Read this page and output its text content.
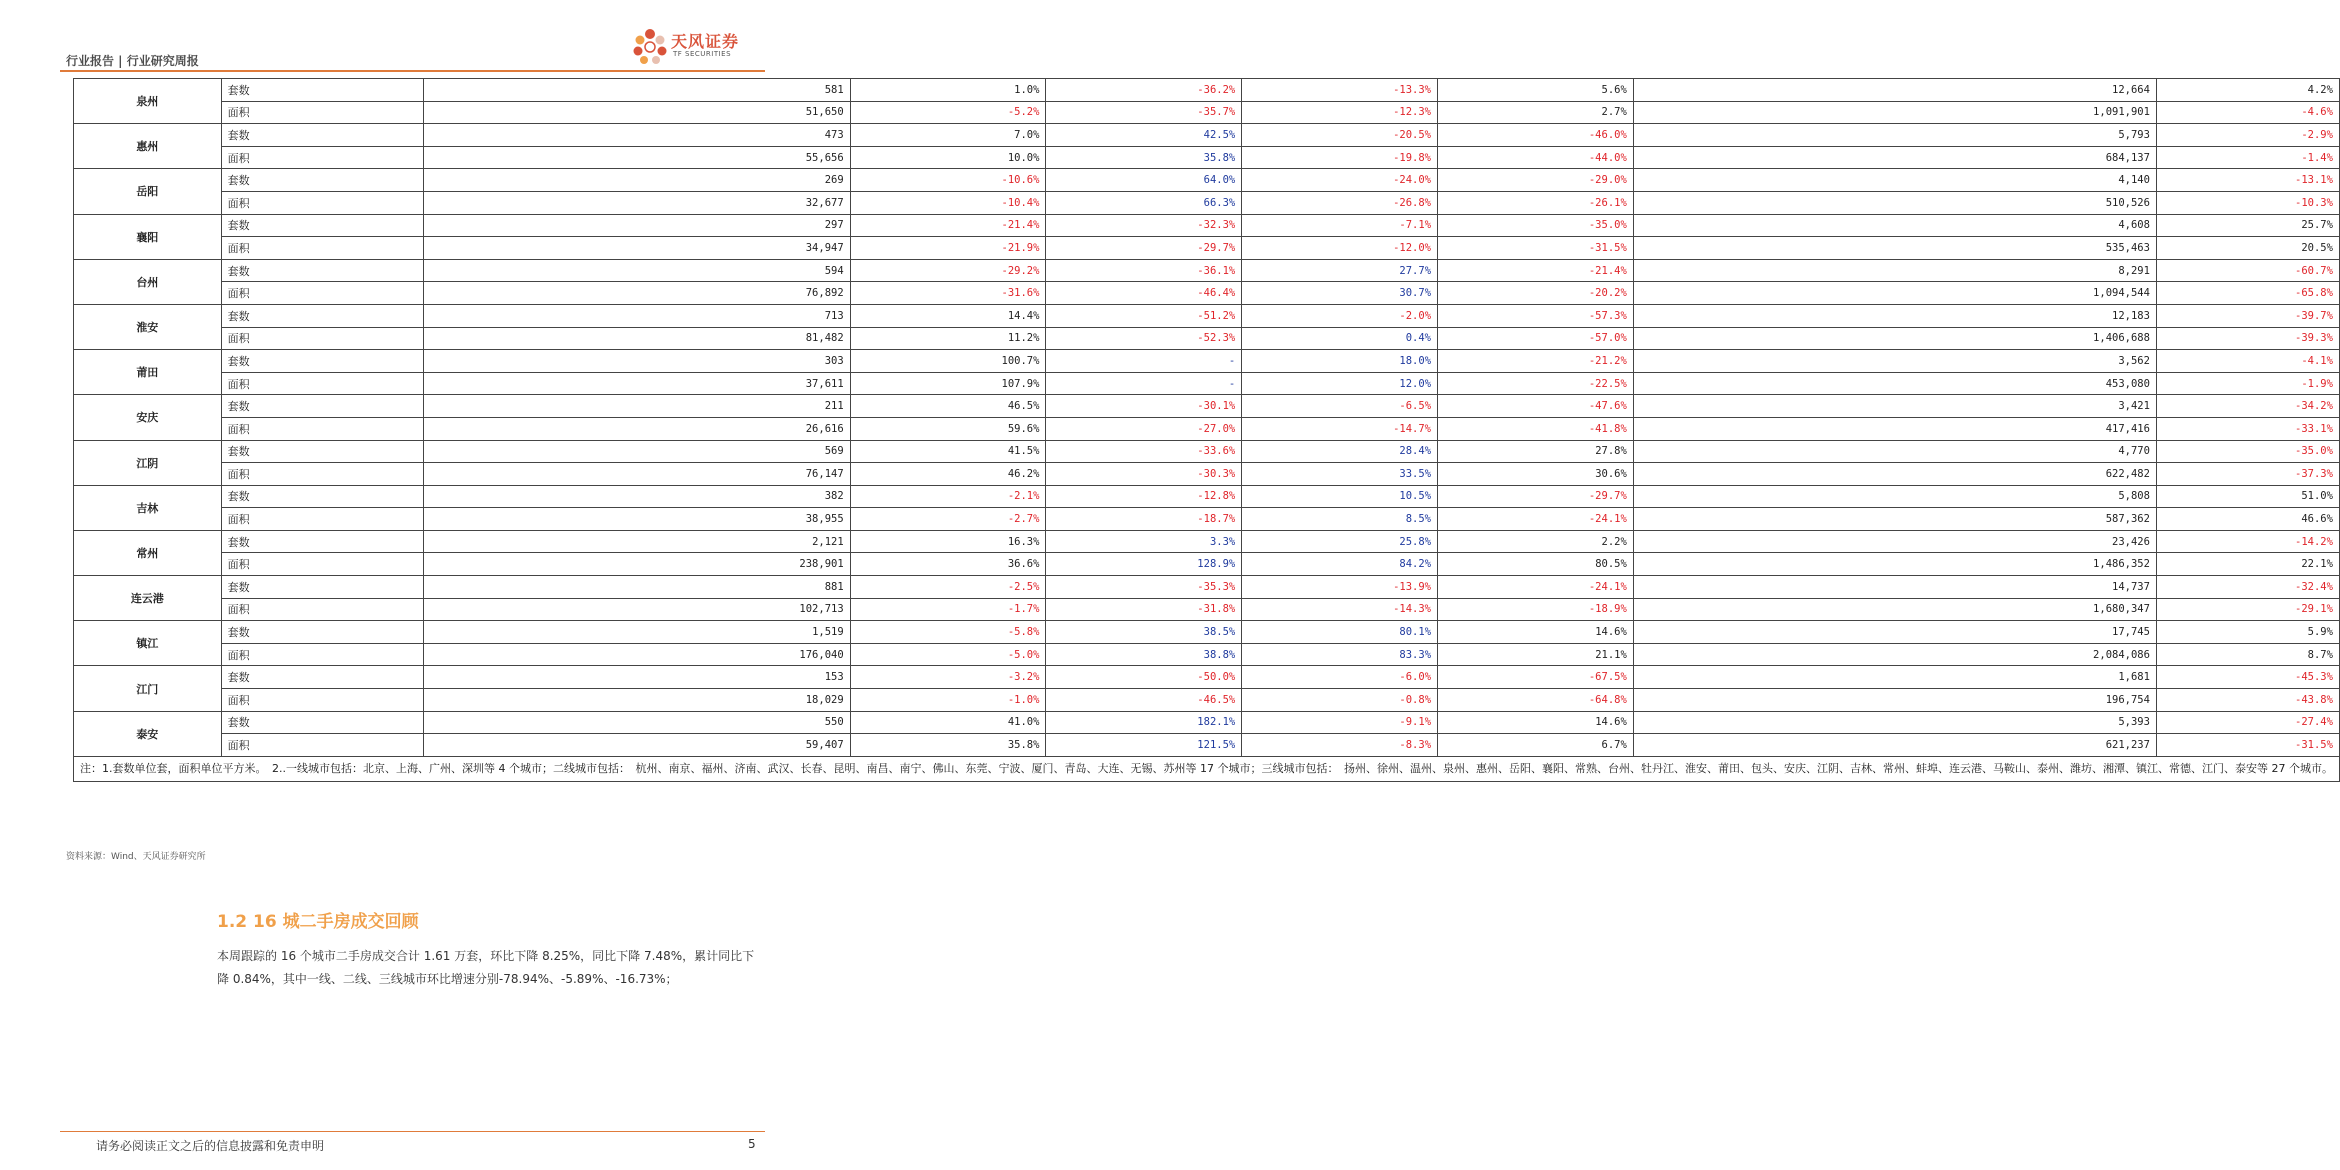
行业报告 | 行业研究周报
天风证券
TF SECURITIES
泉州	套数	581	1.0%	-36.2%	-13.3%	5.6%	12,664	4.2%
	面积	51,650	-5.2%	-35.7%	-12.3%	2.7%	1,091,901	-4.6%
惠州	套数	473	7.0%	42.5%	-20.5%	-46.0%	5,793	-2.9%
	面积	55,656	10.0%	35.8%	-19.8%	-44.0%	684,137	-1.4%
岳阳	套数	269	-10.6%	64.0%	-24.0%	-29.0%	4,140	-13.1%
	面积	32,677	-10.4%	66.3%	-26.8%	-26.1%	510,526	-10.3%
襄阳	套数	297	-21.4%	-32.3%	-7.1%	-35.0%	4,608	25.7%
	面积	34,947	-21.9%	-29.7%	-12.0%	-31.5%	535,463	20.5%
台州	套数	594	-29.2%	-36.1%	27.7%	-21.4%	8,291	-60.7%
	面积	76,892	-31.6%	-46.4%	30.7%	-20.2%	1,094,544	-65.8%
淮安	套数	713	14.4%	-51.2%	-2.0%	-57.3%	12,183	-39.7%
	面积	81,482	11.2%	-52.3%	0.4%	-57.0%	1,406,688	-39.3%
莆田	套数	303	100.7%	-	18.0%	-21.2%	3,562	-4.1%
	面积	37,611	107.9%	-	12.0%	-22.5%	453,080	-1.9%
安庆	套数	211	46.5%	-30.1%	-6.5%	-47.6%	3,421	-34.2%
	面积	26,616	59.6%	-27.0%	-14.7%	-41.8%	417,416	-33.1%
江阴	套数	569	41.5%	-33.6%	28.4%	27.8%	4,770	-35.0%
	面积	76,147	46.2%	-30.3%	33.5%	30.6%	622,482	-37.3%
吉林	套数	382	-2.1%	-12.8%	10.5%	-29.7%	5,808	51.0%
	面积	38,955	-2.7%	-18.7%	8.5%	-24.1%	587,362	46.6%
常州	套数	2,121	16.3%	3.3%	25.8%	2.2%	23,426	-14.2%
	面积	238,901	36.6%	128.9%	84.2%	80.5%	1,486,352	22.1%
连云港	套数	881	-2.5%	-35.3%	-13.9%	-24.1%	14,737	-32.4%
	面积	102,713	-1.7%	-31.8%	-14.3%	-18.9%	1,680,347	-29.1%
镇江	套数	1,519	-5.8%	38.5%	80.1%	14.6%	17,745	5.9%
	面积	176,040	-5.0%	38.8%	83.3%	21.1%	2,084,086	8.7%
江门	套数	153	-3.2%	-50.0%	-6.0%	-67.5%	1,681	-45.3%
	面积	18,029	-1.0%	-46.5%	-0.8%	-64.8%	196,754	-43.8%
泰安	套数	550	41.0%	182.1%	-9.1%	14.6%	5,393	-27.4%
	面积	59,407	35.8%	121.5%	-8.3%	6.7%	621,237	-31.5%
注：1.套数单位套，面积单位平方米。　2..一线城市包括：北京、上海、广州、深圳等 4 个城市；二线城市包括：　杭州、南京、福州、济南、武汉、长春、昆明、南昌、南宁、佛山、东莞、宁波、厦门、青岛、大连、无锡、苏州等 17 个城市；三线城市包括：　扬州、徐州、温州、泉州、惠州、岳阳、襄阳、常熟、台州、牡丹江、淮安、莆田、包头、安庆、江阴、吉林、常州、蚌埠、连云港、马鞍山、泰州、潍坊、湘潭、镇江、常德、江门、泰安等 27 个城市。								
资料来源：Wind、天风证券研究所
1.2 16 城二手房成交回顾
本周跟踪的 16 个城市二手房成交合计 1.61 万套，环比下降 8.25%，同比下降 7.48%，累计同比下降 0.84%，其中一线、二线、三线城市环比增速分别-78.94%、-5.89%、-16.73%；
请务必阅读正文之后的信息披露和免责申明	5
